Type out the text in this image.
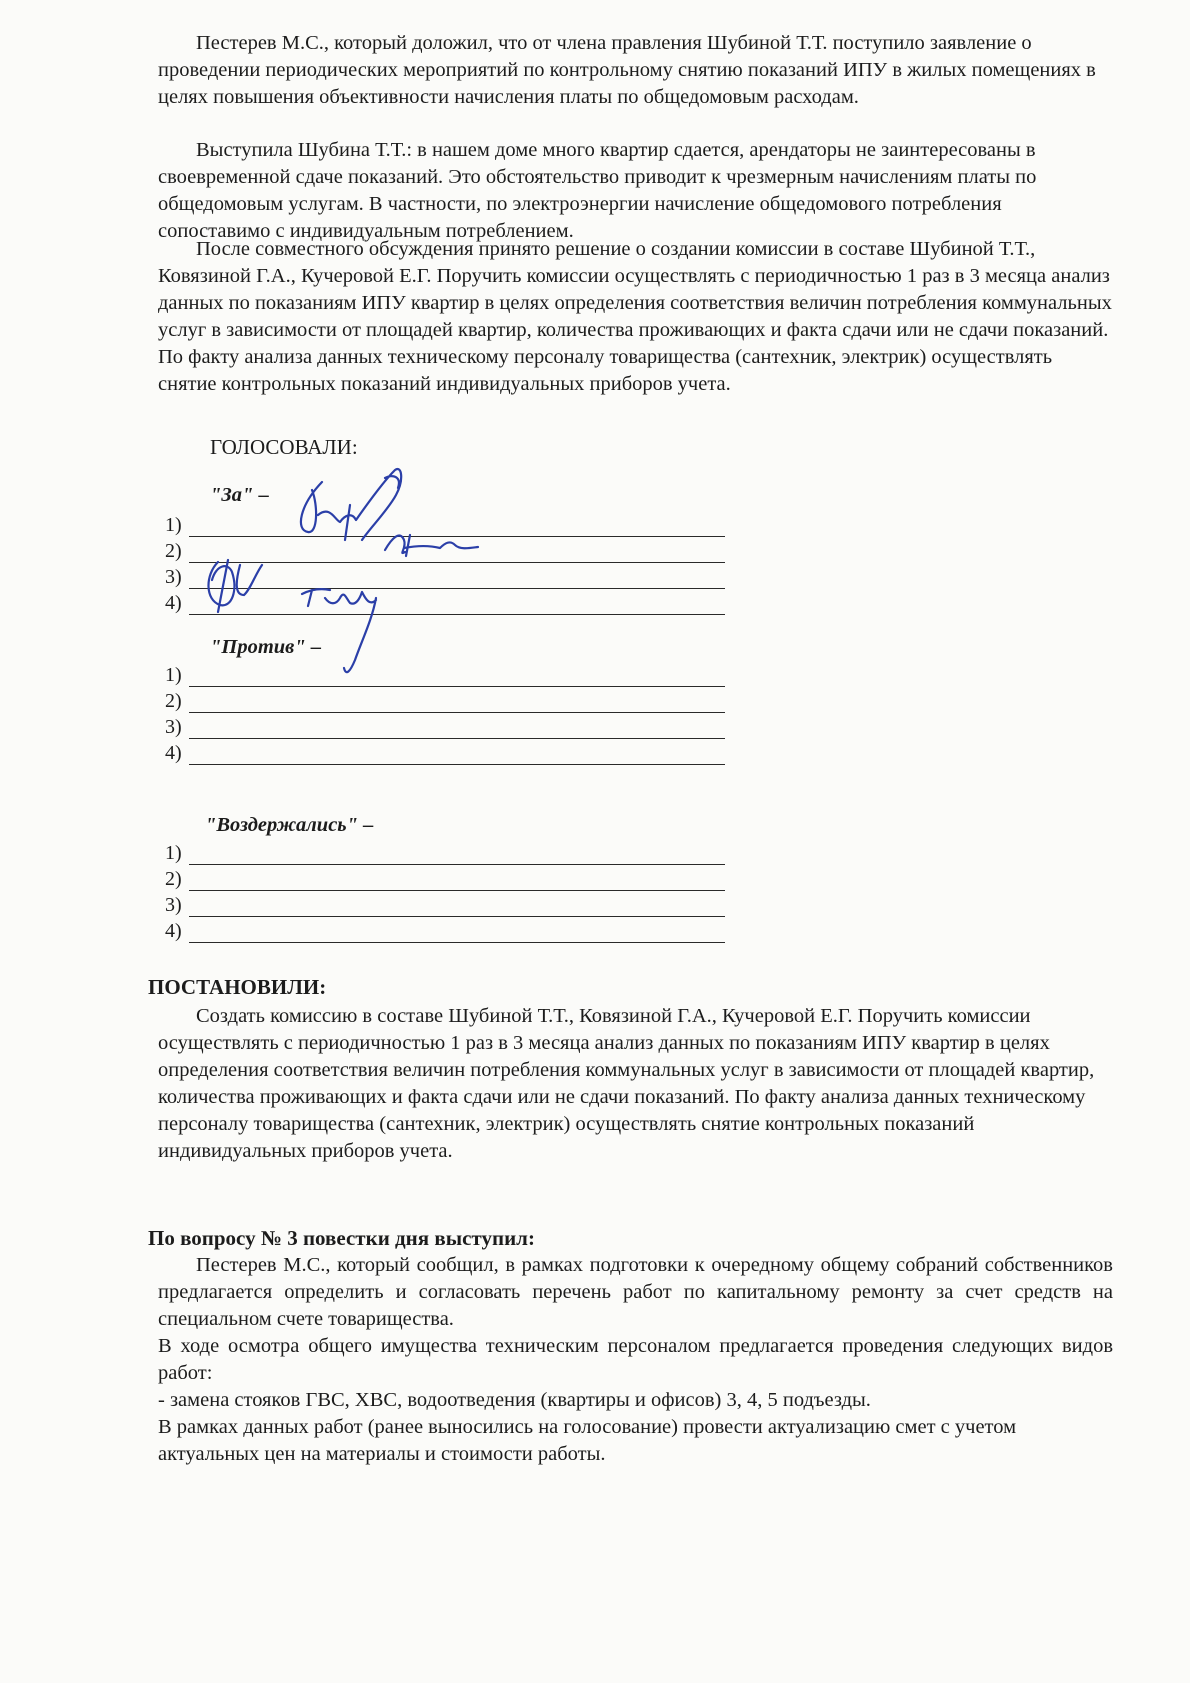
Пестерев М.С., который доложил, что от члена правления Шубиной Т.Т. поступило заявление о проведении периодических мероприятий по контрольному снятию показаний ИПУ в жилых помещениях в целях повышения объективности начисления платы по общедомовым расходам.

Выступила Шубина Т.Т.: в нашем доме много квартир сдается, арендаторы не заинтересованы в своевременной сдаче показаний. Это обстоятельство приводит к чрезмерным начислениям платы по общедомовым услугам. В частности, по электроэнергии начисление общедомового потребления сопоставимо с индивидуальным потреблением.

После совместного обсуждения принято решение о создании комиссии в составе Шубиной Т.Т., Ковязиной Г.А., Кучеровой Е.Г. Поручить комиссии осуществлять с периодичностью 1 раз в 3 месяца анализ данных по показаниям ИПУ квартир в целях определения соответствия величин потребления коммунальных услуг в зависимости от площадей квартир, количества проживающих и факта сдачи или не сдачи показаний. По факту анализа данных техническому персоналу товарищества (сантехник, электрик) осуществлять снятие контрольных показаний индивидуальных приборов учета.

ГОЛОСОВАЛИ:
"За" –
1)
2)
3)
4)
"Против" –
1)
2)
3)
4)
"Воздержались" –
1)
2)
3)
4)
ПОСТАНОВИЛИ:

Создать комиссию в составе Шубиной Т.Т., Ковязиной Г.А., Кучеровой Е.Г. Поручить комиссии осуществлять с периодичностью 1 раз в 3 месяца анализ данных по показаниям ИПУ квартир в целях определения соответствия величин потребления коммунальных услуг в зависимости от площадей квартир, количества проживающих и факта сдачи или не сдачи показаний. По факту анализа данных техническому персоналу товарищества (сантехник, электрик) осуществлять снятие контрольных показаний индивидуальных приборов учета.

По вопросу № 3 повестки дня выступил:

Пестерев М.С., который сообщил, в рамках подготовки к очередному общему собраний собственников предлагается определить и согласовать перечень работ по капитальному ремонту за счет средств на специальном счете товарищества.

В ходе осмотра общего имущества техническим персоналом предлагается проведения следующих видов работ:

- замена стояков ГВС, ХВС, водоотведения (квартиры и офисов) 3, 4, 5 подъезды.

В рамках данных работ (ранее выносились на голосование) провести актуализацию смет с учетом актуальных цен на материалы и стоимости работы.
